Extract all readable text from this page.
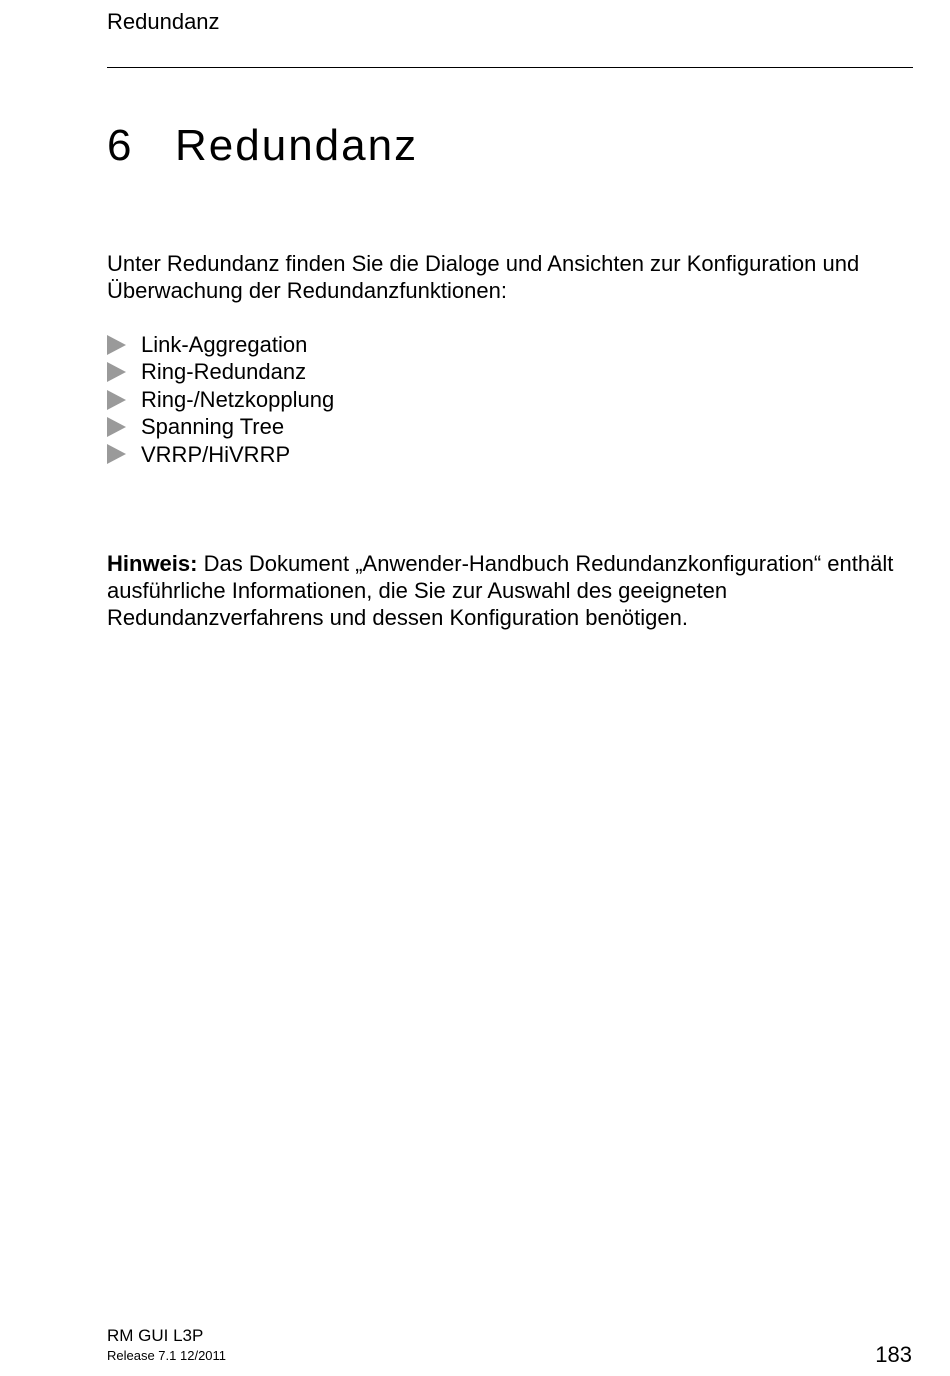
Redundanz
6 Redundanz

Unter Redundanz finden Sie die Dialoge und Ansichten zur Konfiguration und Überwachung der Redundanzfunktionen:

Link-Aggregation
Ring-Redundanz
Ring-/Netzkopplung
Spanning Tree
VRRP/HiVRRP

Hinweis: Das Dokument „Anwender-Handbuch Redundanzkonfiguration“ enthält ausführliche Informationen, die Sie zur Auswahl des geeigneten Redundanzverfahrens und dessen Konfiguration benötigen.

RM GUI L3P
Release 7.1 12/2011	183
